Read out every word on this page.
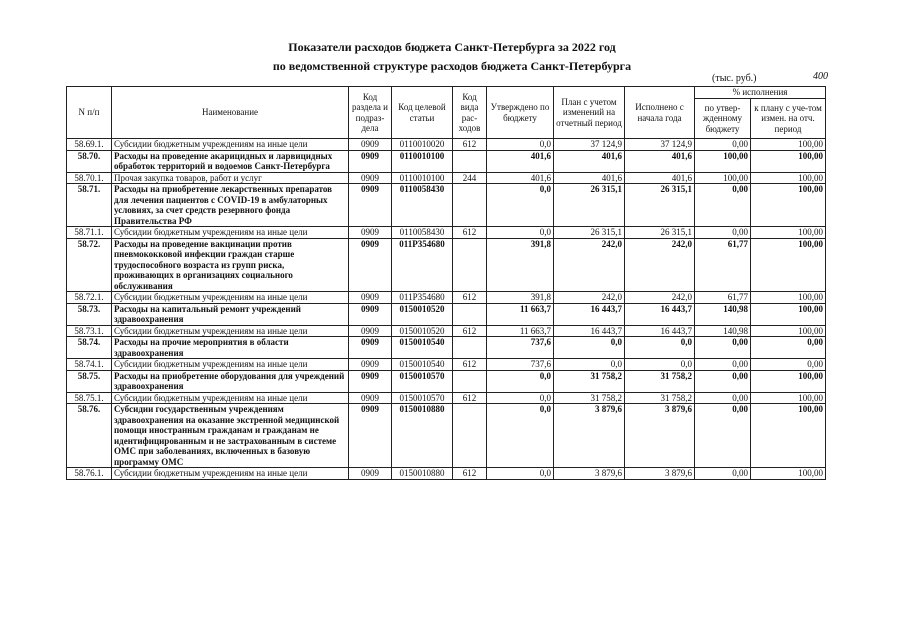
Показатели расходов бюджета Санкт-Петербурга за 2022 год
по ведомственной структуре расходов бюджета Санкт-Петербурга
(тыс. руб.)	400
N п/п	Наименование	Код раздела и подраз-дела	Код целевой статьи	Код вида рас-ходов	Утверждено по бюджету	План с учетом изменений на отчетный период	Исполнено с начала года	% исполнения	
								по утвер-жденному бюджету	к плану с уче-том измен. на отч. период
58.69.1.	Субсидии бюджетным учреждениям на иные цели	0909	0110010020	612	0,0	37 124,9	37 124,9	0,00	100,00
58.70.	Расходы на проведение акарицидных и ларвицидных обработок территорий и водоемов Санкт-Петербурга	0909	0110010100		401,6	401,6	401,6	100,00	100,00
58.70.1.	Прочая закупка товаров, работ и услуг	0909	0110010100	244	401,6	401,6	401,6	100,00	100,00
58.71.	Расходы на приобретение лекарственных препаратов для лечения пациентов с COVID-19 в амбулаторных условиях, за счет средств резервного фонда Правительства РФ	0909	0110058430		0,0	26 315,1	26 315,1	0,00	100,00
58.71.1.	Субсидии бюджетным учреждениям на иные цели	0909	0110058430	612	0,0	26 315,1	26 315,1	0,00	100,00
58.72.	Расходы на проведение вакцинации против пневмококковой инфекции граждан старше трудоспособного возраста из групп риска, проживающих в организациях социального обслуживания	0909	011P354680		391,8	242,0	242,0	61,77	100,00
58.72.1.	Субсидии бюджетным учреждениям на иные цели	0909	011P354680	612	391,8	242,0	242,0	61,77	100,00
58.73.	Расходы на капитальный ремонт учреждений здравоохранения	0909	0150010520		11 663,7	16 443,7	16 443,7	140,98	100,00
58.73.1.	Субсидии бюджетным учреждениям на иные цели	0909	0150010520	612	11 663,7	16 443,7	16 443,7	140,98	100,00
58.74.	Расходы на прочие мероприятия в области здравоохранения	0909	0150010540		737,6	0,0	0,0	0,00	0,00
58.74.1.	Субсидии бюджетным учреждениям на иные цели	0909	0150010540	612	737,6	0,0	0,0	0,00	0,00
58.75.	Расходы на приобретение оборудования для учреждений здравоохранения	0909	0150010570		0,0	31 758,2	31 758,2	0,00	100,00
58.75.1.	Субсидии бюджетным учреждениям на иные цели	0909	0150010570	612	0,0	31 758,2	31 758,2	0,00	100,00
58.76.	Субсидии государственным учреждениям здравоохранения на оказание экстренной медицинской помощи иностранным гражданам и гражданам не идентифицированным и не застрахованным в системе ОМС при заболеваниях, включенных в базовую программу ОМС	0909	0150010880		0,0	3 879,6	3 879,6	0,00	100,00
58.76.1.	Субсидии бюджетным учреждениям на иные цели	0909	0150010880	612	0,0	3 879,6	3 879,6	0,00	100,00
